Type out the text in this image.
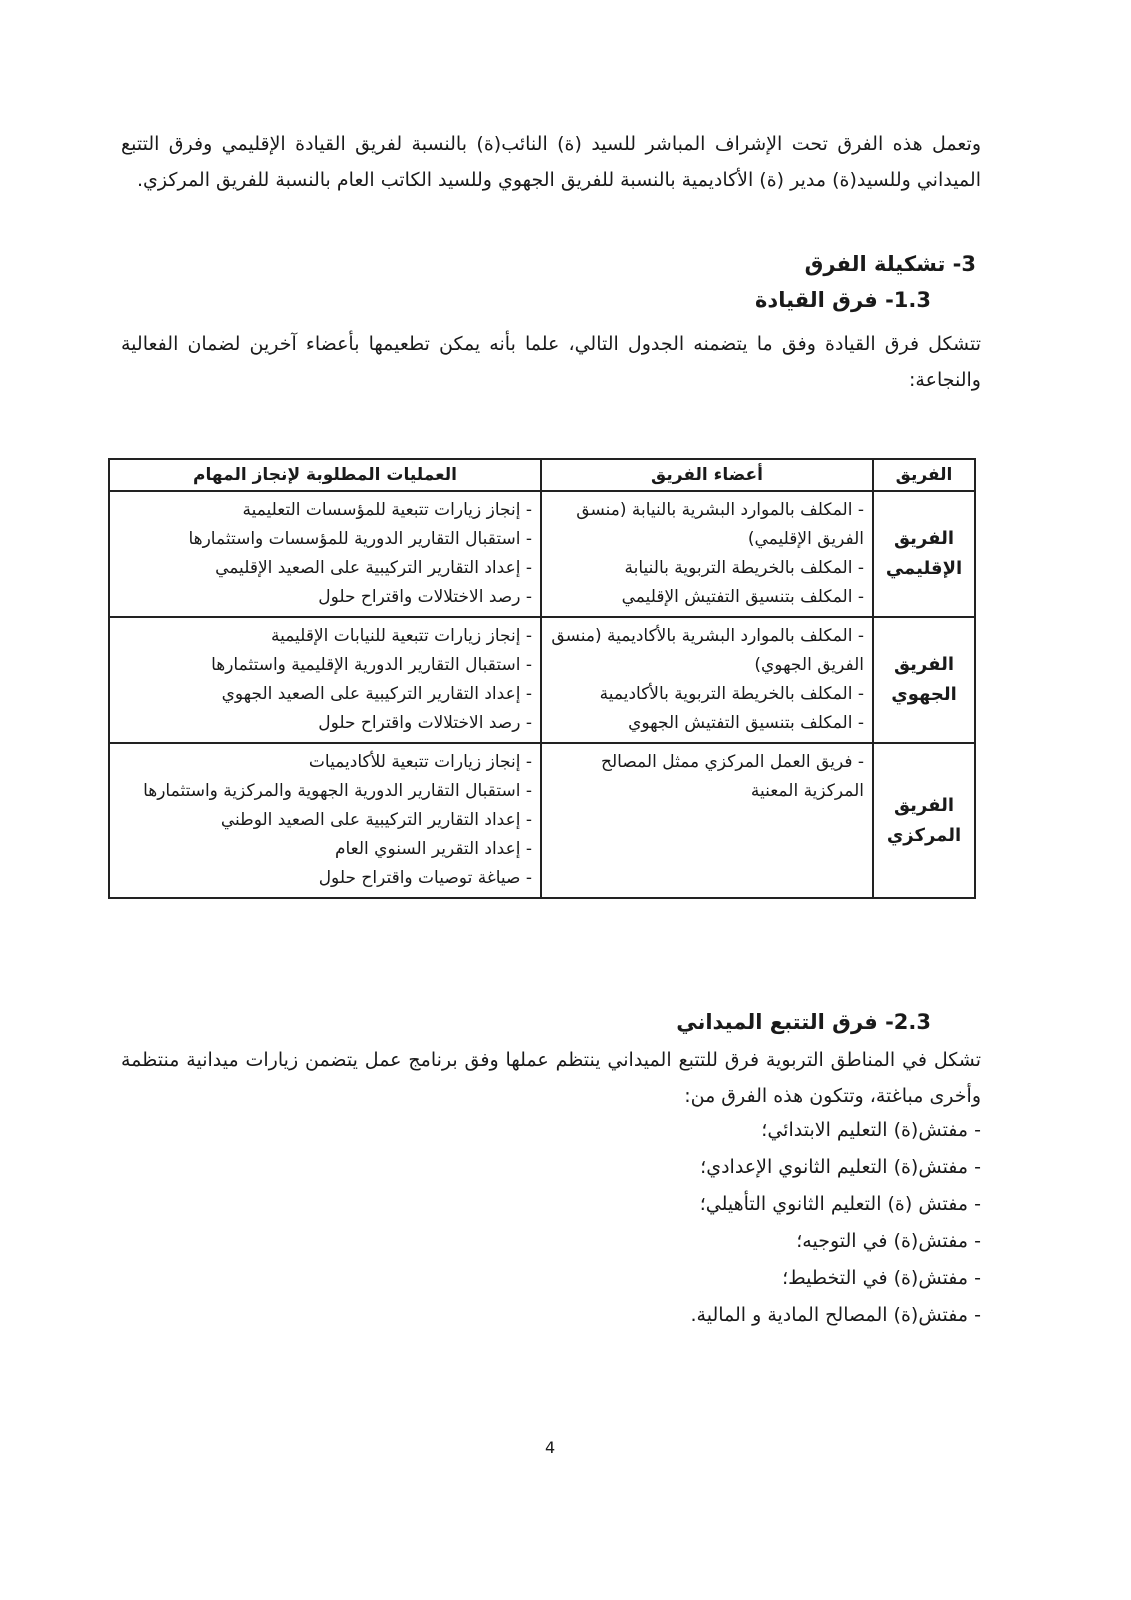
وتعمل هذه الفرق تحت الإشراف المباشر للسيد (ة) النائب(ة) بالنسبة لفريق القيادة الإقليمي وفرق التتبع الميداني وللسيد(ة) مدير (ة) الأكاديمية بالنسبة للفريق الجهوي وللسيد الكاتب العام بالنسبة للفريق المركزي.

3- تشكيلة الفرق
1.3- فرق القيادة

تتشكل فرق القيادة وفق ما يتضمنه الجدول التالي، علما بأنه يمكن تطعيمها بأعضاء آخرين لضمان الفعالية والنجاعة:

الفريق	أعضاء الفريق	العمليات المطلوبة لإنجاز المهام
الفريق الإقليمي	- المكلف بالموارد البشرية بالنيابة (منسق الفريق الإقليمي)
- المكلف بالخريطة التربوية بالنيابة
- المكلف بتنسيق التفتيش الإقليمي	- إنجاز زيارات تتبعية للمؤسسات التعليمية
- استقبال التقارير الدورية للمؤسسات واستثمارها
- إعداد التقارير التركيبية على الصعيد الإقليمي
- رصد الاختلالات واقتراح حلول

الفريق الجهوي	- المكلف بالموارد البشرية بالأكاديمية (منسق الفريق الجهوي)
- المكلف بالخريطة التربوية بالأكاديمية
- المكلف بتنسيق التفتيش الجهوي	- إنجاز زيارات تتبعية للنيابات الإقليمية
- استقبال التقارير الدورية الإقليمية واستثمارها
- إعداد التقارير التركيبية على الصعيد الجهوي
- رصد الاختلالات واقتراح حلول

الفريق المركزي	- فريق العمل المركزي ممثل المصالح المركزية المعنية	- إنجاز زيارات تتبعية للأكاديميات
- استقبال التقارير الدورية الجهوية والمركزية واستثمارها
- إعداد التقارير التركيبية على الصعيد الوطني
- إعداد التقرير السنوي العام
- صياغة توصيات واقتراح حلول
2.3- فرق التتبع الميداني

تشكل في المناطق التربوية فرق للتتبع الميداني ينتظم عملها وفق برنامج عمل يتضمن زيارات ميدانية منتظمة وأخرى مباغتة، وتتكون هذه الفرق من:

- مفتش(ة) التعليم الابتدائي؛
- مفتش(ة) التعليم الثانوي الإعدادي؛
- مفتش (ة) التعليم الثانوي التأهيلي؛
- مفتش(ة) في التوجيه؛
- مفتش(ة) في التخطيط؛
- مفتش(ة) المصالح المادية و المالية.
4
